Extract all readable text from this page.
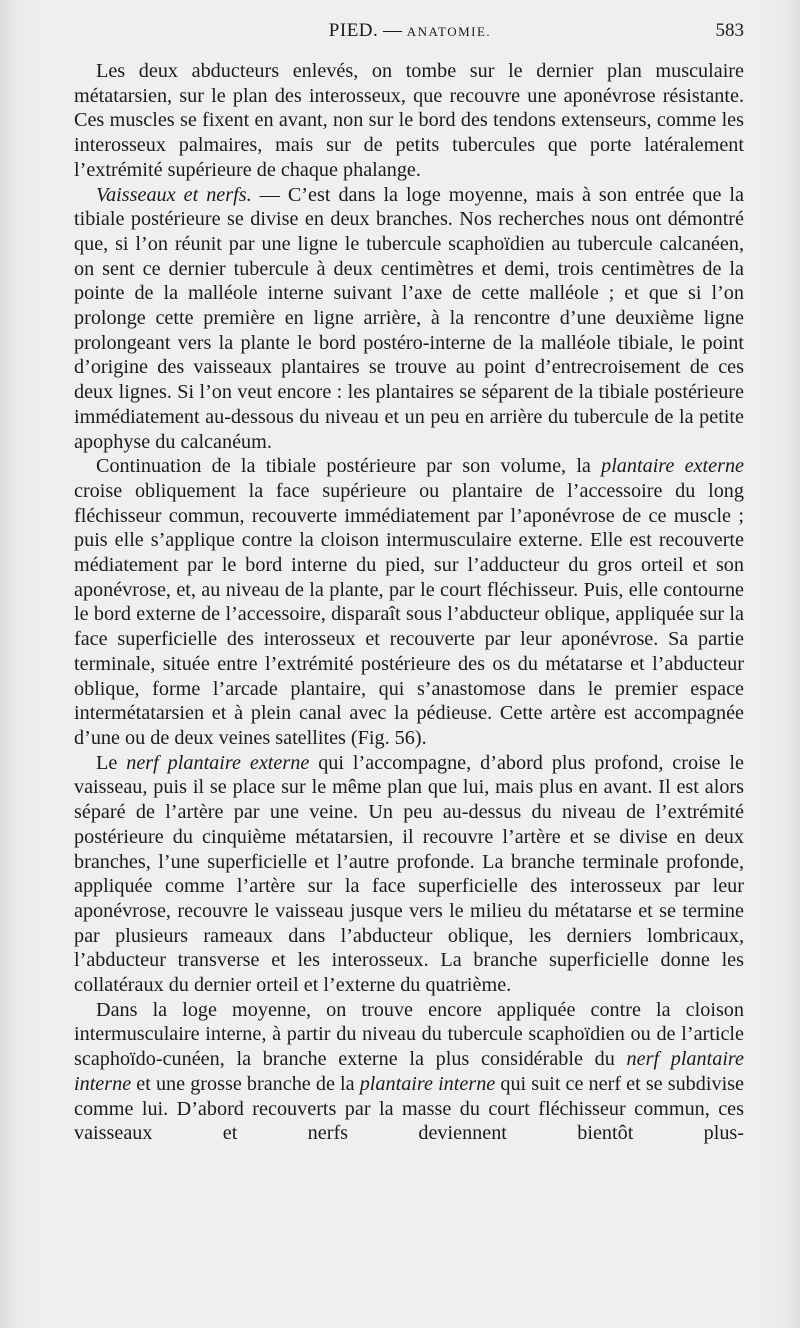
PIED. — ANATOMIE.	583

Les deux abducteurs enlevés, on tombe sur le dernier plan musculaire métatarsien, sur le plan des interosseux, que recouvre une aponévrose résistante. Ces muscles se fixent en avant, non sur le bord des tendons extenseurs, comme les interosseux palmaires, mais sur de petits tubercules que porte latéralement l’extrémité supérieure de chaque phalange.

Vaisseaux et nerfs. — C’est dans la loge moyenne, mais à son entrée que la tibiale postérieure se divise en deux branches. Nos recherches nous ont démontré que, si l’on réunit par une ligne le tubercule scaphoïdien au tubercule calcanéen, on sent ce dernier tubercule à deux centimètres et demi, trois centimètres de la pointe de la malléole interne suivant l’axe de cette malléole ; et que si l’on prolonge cette première en ligne arrière, à la rencontre d’une deuxième ligne prolongeant vers la plante le bord postéro-interne de la malléole tibiale, le point d’origine des vaisseaux plantaires se trouve au point d’entrecroisement de ces deux lignes. Si l’on veut encore : les plantaires se séparent de la tibiale postérieure immédiatement au-dessous du niveau et un peu en arrière du tubercule de la petite apophyse du calcanéum.

Continuation de la tibiale postérieure par son volume, la plantaire externe croise obliquement la face supérieure ou plantaire de l’accessoire du long fléchisseur commun, recouverte immédiatement par l’aponévrose de ce muscle ; puis elle s’applique contre la cloison intermusculaire externe. Elle est recouverte médiatement par le bord interne du pied, sur l’adducteur du gros orteil et son aponévrose, et, au niveau de la plante, par le court fléchisseur. Puis, elle contourne le bord externe de l’accessoire, disparaît sous l’abducteur oblique, appliquée sur la face superficielle des interosseux et recouverte par leur aponévrose. Sa partie terminale, située entre l’extrémité postérieure des os du métatarse et l’abducteur oblique, forme l’arcade plantaire, qui s’anastomose dans le premier espace intermétatarsien et à plein canal avec la pédieuse. Cette artère est accompagnée d’une ou de deux veines satellites (Fig. 56).

Le nerf plantaire externe qui l’accompagne, d’abord plus profond, croise le vaisseau, puis il se place sur le même plan que lui, mais plus en avant. Il est alors séparé de l’artère par une veine. Un peu au-dessus du niveau de l’extrémité postérieure du cinquième métatarsien, il recouvre l’artère et se divise en deux branches, l’une superficielle et l’autre profonde. La branche terminale profonde, appliquée comme l’artère sur la face superficielle des interosseux par leur aponévrose, recouvre le vaisseau jusque vers le milieu du métatarse et se termine par plusieurs rameaux dans l’abducteur oblique, les derniers lombricaux, l’abducteur transverse et les interosseux. La branche superficielle donne les collatéraux du dernier orteil et l’externe du quatrième.

Dans la loge moyenne, on trouve encore appliquée contre la cloison intermusculaire interne, à partir du niveau du tubercule scaphoïdien ou de l’article scaphoïdo-cunéen, la branche externe la plus considérable du nerf plantaire interne et une grosse branche de la plantaire interne qui suit ce nerf et se subdivise comme lui. D’abord recouverts par la masse du court fléchisseur commun, ces vaisseaux et nerfs deviennent bientôt plus-
